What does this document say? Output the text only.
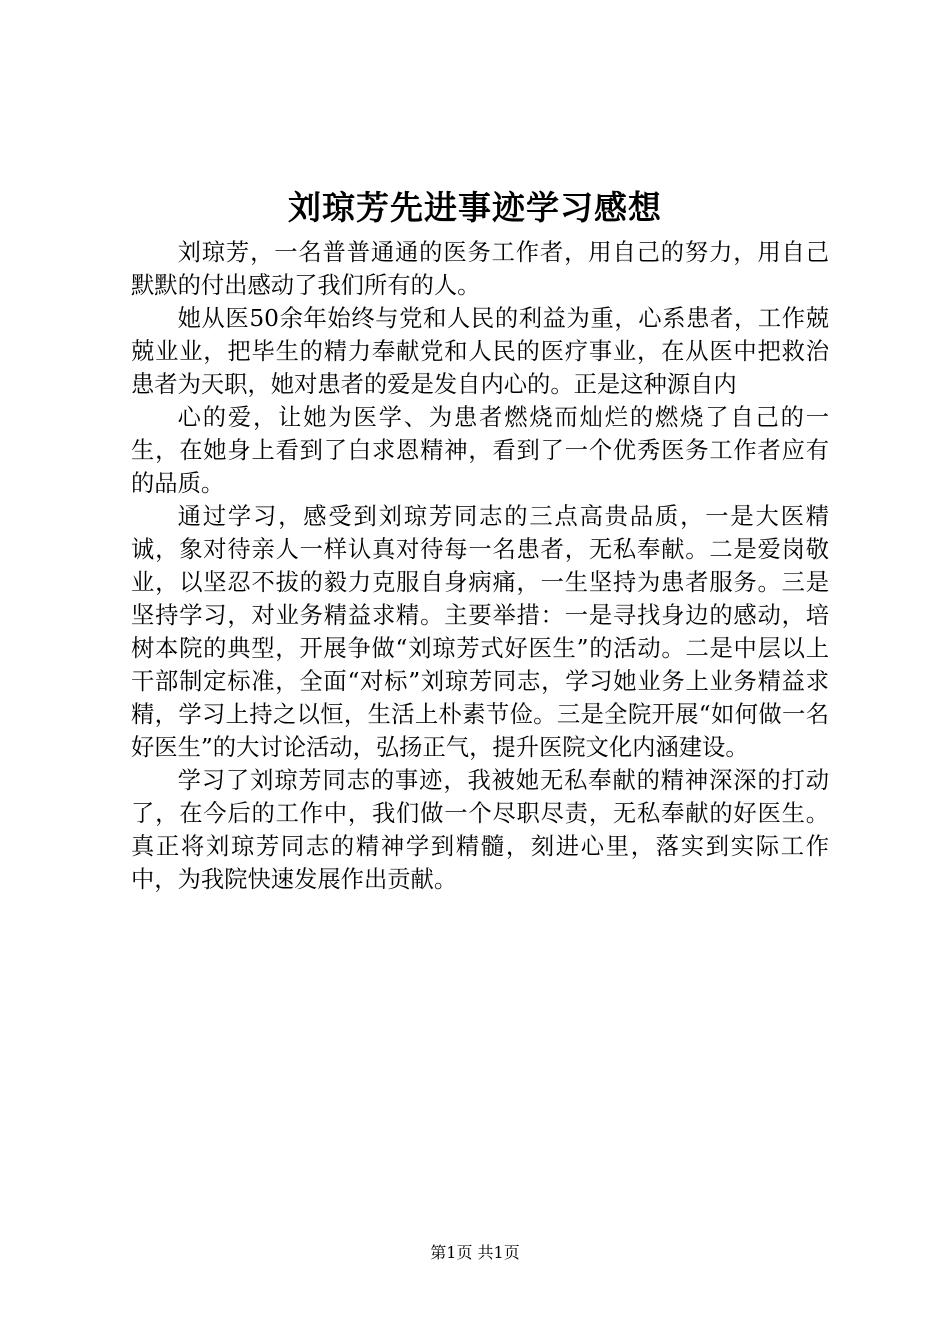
刘琼芳先进事迹学习感想

刘琼芳，一名普普通通的医务工作者，用自己的努力，用自己默默的付出感动了我们所有的人。

她从医50余年始终与党和人民的利益为重，心系患者，工作兢兢业业，把毕生的精力奉献党和人民的医疗事业，在从医中把救治患者为天职，她对患者的爱是发自内心的。正是这种源自内

心的爱，让她为医学、为患者燃烧而灿烂的燃烧了自己的一生，在她身上看到了白求恩精神，看到了一个优秀医务工作者应有的品质。

通过学习，感受到刘琼芳同志的三点高贵品质，一是大医精诚，象对待亲人一样认真对待每一名患者，无私奉献。二是爱岗敬业，以坚忍不拔的毅力克服自身病痛，一生坚持为患者服务。三是坚持学习，对业务精益求精。主要举措：一是寻找身边的感动，培树本院的典型，开展争做“刘琼芳式好医生”的活动。二是中层以上干部制定标准，全面“对标”刘琼芳同志，学习她业务上业务精益求精，学习上持之以恒，生活上朴素节俭。三是全院开展“如何做一名好医生”的大讨论活动，弘扬正气，提升医院文化内涵建设。

学习了刘琼芳同志的事迹，我被她无私奉献的精神深深的打动了，在今后的工作中，我们做一个尽职尽责，无私奉献的好医生。真正将刘琼芳同志的精神学到精髓，刻进心里，落实到实际工作中，为我院快速发展作出贡献。

第1页 共1页
